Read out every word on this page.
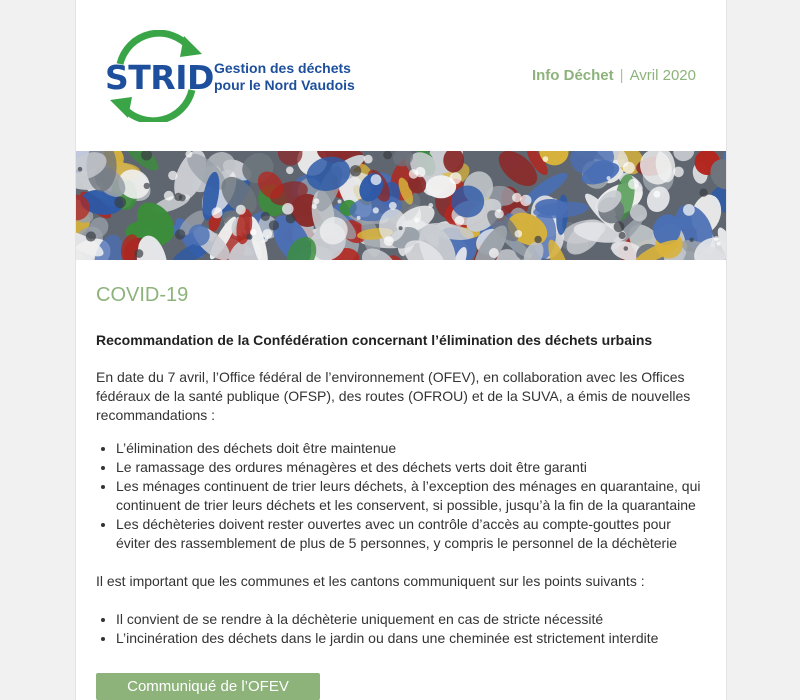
STRID Gestion des déchets
pour le Nord Vaudois
Info Déchet | Avril 2020
COVID-19
Recommandation de la Confédération concernant l’élimination des déchets urbains
En date du 7 avril, l’Office fédéral de l’environnement (OFEV), en collaboration avec les Offices fédéraux de la santé publique (OFSP), des routes (OFROU) et de la SUVA, a émis de nouvelles recommandations :
• L’élimination des déchets doit être maintenue
• Le ramassage des ordures ménagères et des déchets verts doit être garanti
• Les ménages continuent de trier leurs déchets, à l’exception des ménages en quarantaine, qui continuent de trier leurs déchets et les conservent, si possible, jusqu’à la fin de la quarantaine
• Les déchèteries doivent rester ouvertes avec un contrôle d’accès au compte-gouttes pour éviter des rassemblement de plus de 5 personnes, y compris le personnel de la déchèterie
Il est important que les communes et les cantons communiquent sur les points suivants :
• Il convient de se rendre à la déchèterie uniquement en cas de stricte nécessité
• L’incinération des déchets dans le jardin ou dans une cheminée est strictement interdite
Communiqué de l’OFEV
